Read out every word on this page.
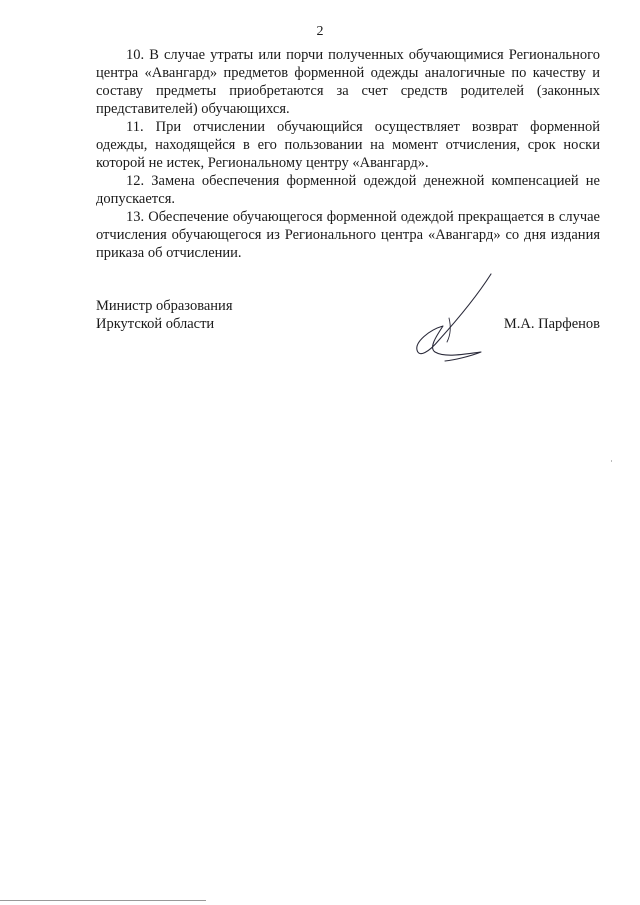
2

10. В случае утраты или порчи полученных обучающимися Регионального центра «Авангард» предметов форменной одежды аналогичные по качеству и составу предметы приобретаются за счет средств родителей (законных представителей) обучающихся.

11. При отчислении обучающийся осуществляет возврат форменной одежды, находящейся в его пользовании на момент отчисления, срок носки которой не истек, Региональному центру «Авангард».

12. Замена обеспечения форменной одеждой денежной компенсацией не допускается.

13. Обеспечение обучающегося форменной одеждой прекращается в случае отчисления обучающегося из Регионального центра «Авангард» со дня издания приказа об отчислении.

Министр образования
Иркутской области	М.А. Парфенов
